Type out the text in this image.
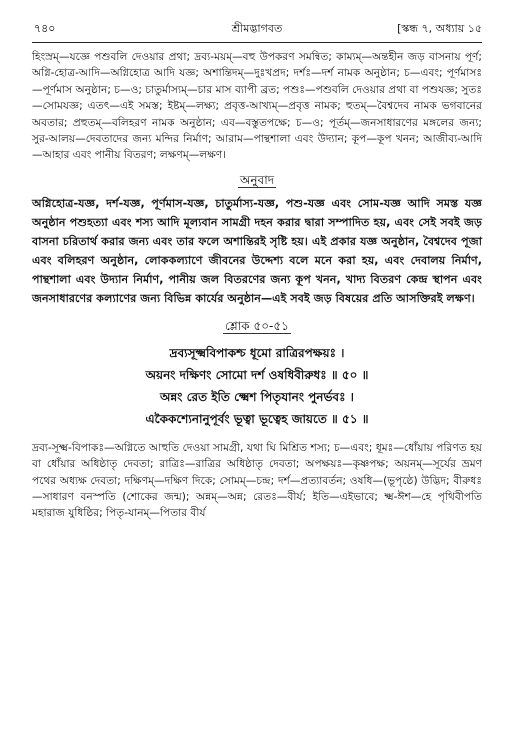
৭৪০	শ্রীমদ্ভাগবত	[স্কন্ধ ৭, অধ্যায় ১৫

হিংস্রম্—যজ্ঞে পশুবলি দেওয়ার প্রথা; দ্রব্য-ময়ম্—বহু উপকরণ সমন্বিত; কাম্যম্—অন্তহীন জড় বাসনায় পূর্ণ; অগ্নি-হোত্র-আদি—অগ্নিহোত্র আদি যজ্ঞ; অশান্তিদম্—দুঃখপ্রদ; দর্শঃ—দর্শ নামক অনুষ্ঠান; চ—এবং; পূর্ণমাসঃ—পূর্ণমাস অনুষ্ঠান; চ—ও; চাতুর্মাস্যম্—চার মাস ব্যাপী ব্রত; পশুঃ—পশুবলি দেওয়ার প্রথা বা পশুযজ্ঞ; সুতঃ—সোমযজ্ঞ; এতৎ—এই সমস্ত; ইষ্টম্—লক্ষ্য; প্রবৃত্ত-আখ্যম্—প্রবৃত্ত নামক; হুতম্—বৈশ্বদেব নামক ভগবানের অবতার; প্রহুতম্—বলিহরণ নামক অনুষ্ঠান; এব—বস্তুতপক্ষে; চ—ও; পূর্তম্—জনসাধারণের মঙ্গলের জন্য; সুর-আলয়—দেবতাদের জন্য মন্দির নির্মাণ; আরাম—পান্থশালা এবং উদ্যান; কূপ—কূপ খনন; আজীব্য-আদি—আহার এবং পানীয় বিতরণ; লক্ষণম্—লক্ষণ।

অনুবাদ

অগ্নিহোত্র-যজ্ঞ, দর্শ-যজ্ঞ, পূর্ণমাস-যজ্ঞ, চাতুর্মাস্য-যজ্ঞ, পশু-যজ্ঞ এবং সোম-যজ্ঞ আদি সমস্ত যজ্ঞ অনুষ্ঠান পশুহত্যা এবং শস্য আদি মূল্যবান সামগ্রী দহন করার দ্বারা সম্পাদিত হয়, এবং সেই সবই জড় বাসনা চরিতার্থ করার জন্য এবং তার ফলে অশান্তিরই সৃষ্টি হয়। এই প্রকার যজ্ঞ অনুষ্ঠান, বৈশ্বদেব পূজা এবং বলিহরণ অনুষ্ঠান, লোককল্যাণে জীবনের উদ্দেশ্য বলে মনে করা হয়, এবং দেবালয় নির্মাণ, পান্থশালা এবং উদ্যান নির্মাণ, পানীয় জল বিতরণের জন্য কূপ খনন, খাদ্য বিতরণ কেন্দ্র স্থাপন এবং জনসাধারণের কল্যাণের জন্য বিভিন্ন কার্যের অনুষ্ঠান—এই সবই জড় বিষয়ের প্রতি আসক্তিরই লক্ষণ।

শ্লোক ৫০-৫১
দ্রব্যসূক্ষ্মবিপাকশ্চ ধূমো রাত্রিরপক্ষয়ঃ ।
অয়নং দক্ষিণং সোমো দর্শ ওষধিবীরুধঃ ॥ ৫০ ॥
অন্নং রেত ইতি ক্ষ্মেশ পিতৃযানং পুনর্ভবঃ ।
একৈকশ্যেনানুপূর্বং ভূত্বা ভূত্বেহ জায়তে ॥ ৫১ ॥

দ্রব্য-সূক্ষ্ম-বিপাকঃ—অগ্নিতে আহুতি দেওয়া সামগ্রী, যথা ঘি মিশ্রিত শস্য; চ—এবং; ধূমঃ—ধোঁয়ায় পরিণত হয় বা ধোঁয়ার অধিষ্ঠাতৃ দেবতা; রাত্রিঃ—রাত্রির অধিষ্ঠাতৃ দেবতা; অপক্ষয়ঃ—কৃষ্ণপক্ষ; অয়নম্—সূর্যের ভ্রমণ পথের অধ্যক্ষ দেবতা; দক্ষিণম্—দক্ষিণ দিকে; সোমম্—চন্দ্র; দর্শ—প্রত্যাবর্তন; ওষধি—(ভূপৃষ্ঠে) উদ্ভিদ; বীরুধঃ—সাধারণ বনস্পতি (শোকের জন্ম); অন্নম্—অন্ন; রেতঃ—বীর্য; ইতি—এইভাবে; ক্ষ্ম-ঈশ—হে পৃথিবীপতি মহারাজ যুধিষ্ঠির; পিতৃ-যানম্—পিতার বীর্য
